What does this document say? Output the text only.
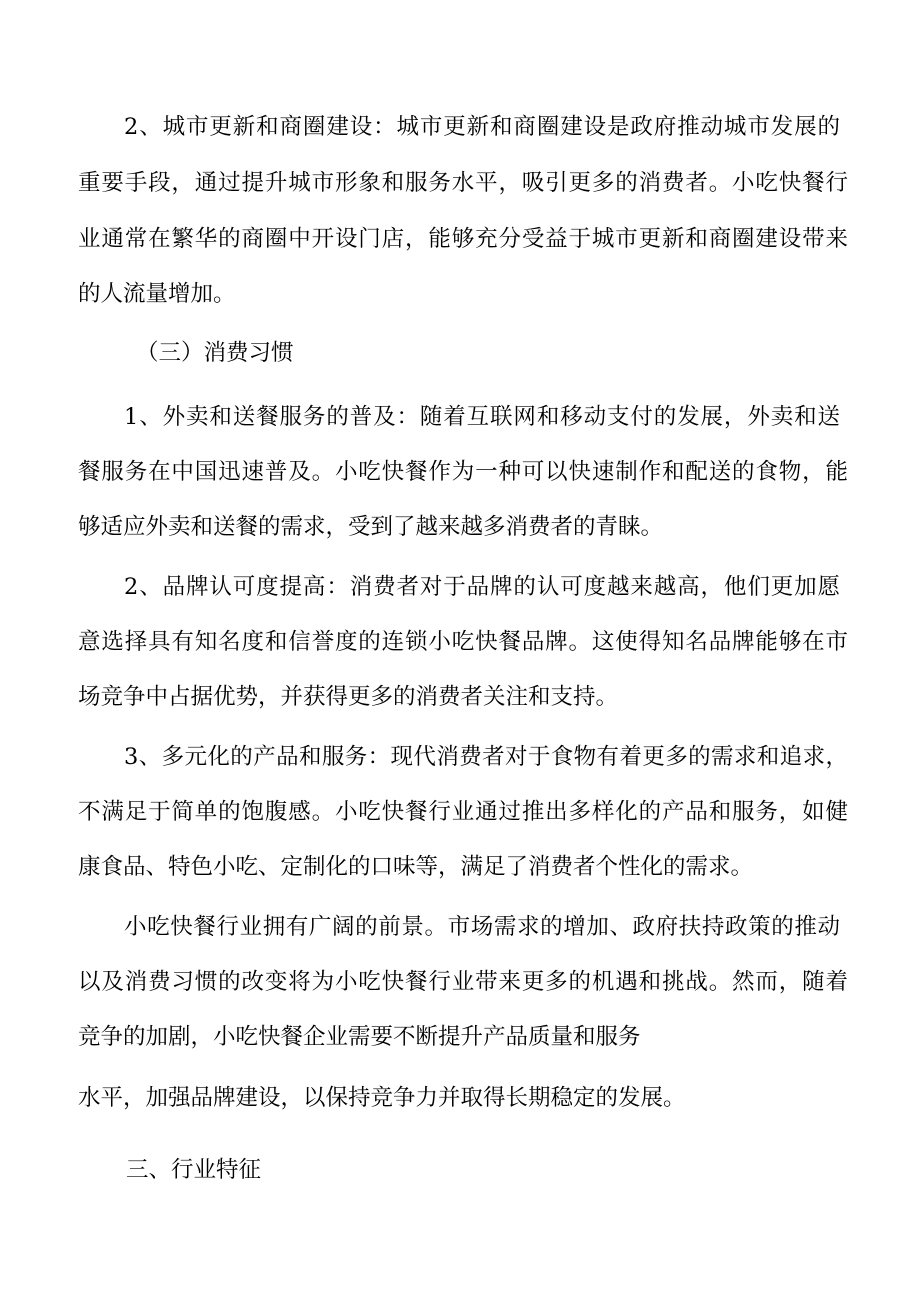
2、城市更新和商圈建设：城市更新和商圈建设是政府推动城市发展的
重要手段，通过提升城市形象和服务水平，吸引更多的消费者。小吃快餐行
业通常在繁华的商圈中开设门店，能够充分受益于城市更新和商圈建设带来
的人流量增加。
（三）消费习惯
1、外卖和送餐服务的普及：随着互联网和移动支付的发展，外卖和送
餐服务在中国迅速普及。小吃快餐作为一种可以快速制作和配送的食物，能
够适应外卖和送餐的需求，受到了越来越多消费者的青睐。
2、品牌认可度提高：消费者对于品牌的认可度越来越高，他们更加愿
意选择具有知名度和信誉度的连锁小吃快餐品牌。这使得知名品牌能够在市
场竞争中占据优势，并获得更多的消费者关注和支持。
3、多元化的产品和服务：现代消费者对于食物有着更多的需求和追求，
不满足于简单的饱腹感。小吃快餐行业通过推出多样化的产品和服务，如健
康食品、特色小吃、定制化的口味等，满足了消费者个性化的需求。
小吃快餐行业拥有广阔的前景。市场需求的增加、政府扶持政策的推动
以及消费习惯的改变将为小吃快餐行业带来更多的机遇和挑战。然而，随着
竞争的加剧，小吃快餐企业需要不断提升产品质量和服务
水平，加强品牌建设，以保持竞争力并取得长期稳定的发展。
三、行业特征
